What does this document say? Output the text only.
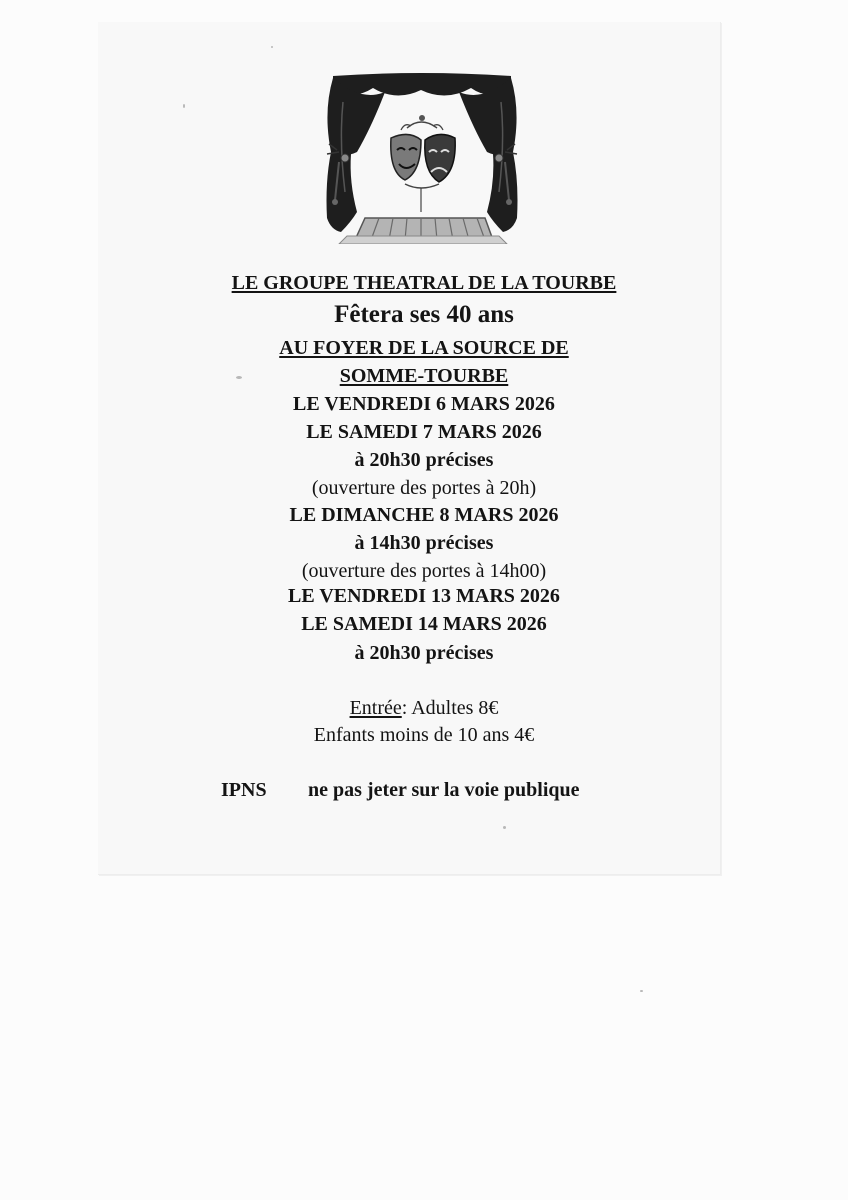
LE GROUPE THEATRAL DE LA TOURBE
Fêtera ses 40 ans
AU FOYER DE LA SOURCE DE
SOMME-TOURBE
LE VENDREDI 6 MARS 2026
LE SAMEDI 7 MARS 2026
à 20h30 précises
(ouverture des portes à 20h)
LE DIMANCHE 8 MARS 2026
à 14h30 précises
(ouverture des portes à 14h00)
LE VENDREDI 13 MARS 2026
LE SAMEDI 14 MARS 2026
à 20h30 précises
Entrée: Adultes 8€
Enfants moins de 10 ans 4€
IPNS ne pas jeter sur la voie publique
